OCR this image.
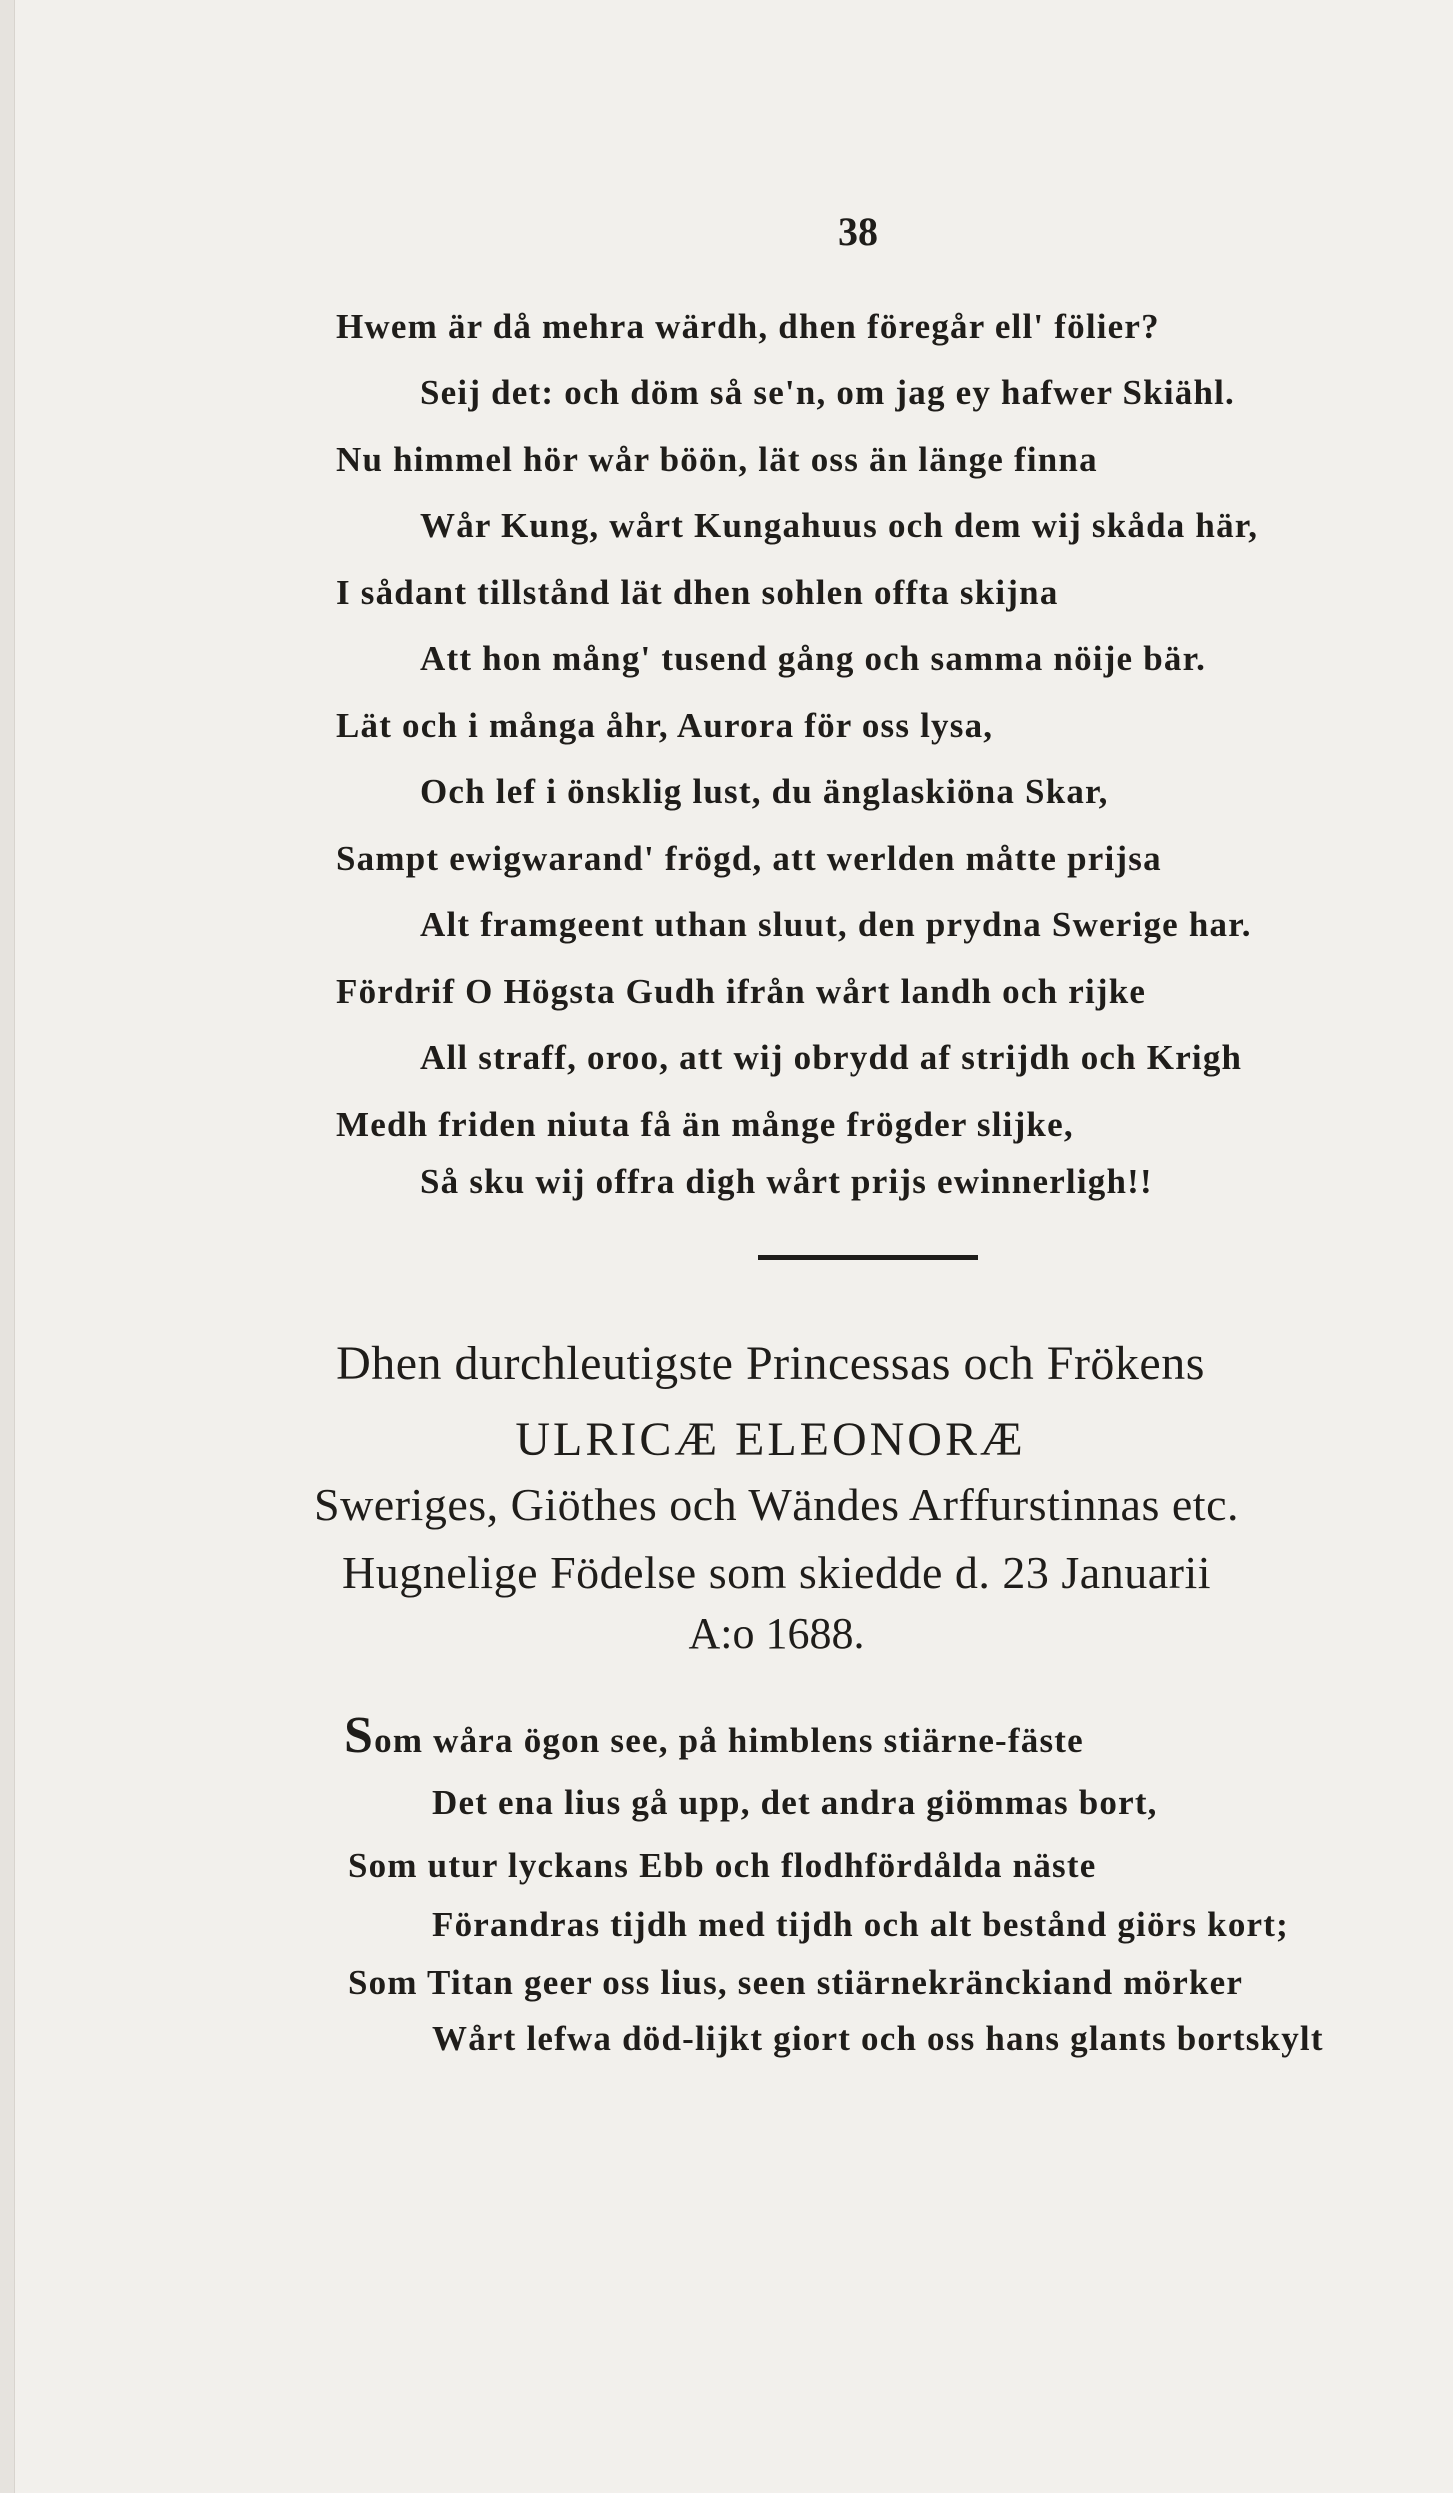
38
Hwem är då mehra wärdh, dhen föregår ell' fölier?
Seij det: och döm så se'n, om jag ey hafwer Skiähl.
Nu himmel hör wår böön, lät oss än länge finna
Wår Kung, wårt Kungahuus och dem wij skåda här,
I sådant tillstånd lät dhen sohlen offta skijna
Att hon mång' tusend gång och samma nöije bär.
Lät och i många åhr, Aurora för oss lysa,
Och lef i önsklig lust, du änglaskiöna Skar,
Sampt ewigwarand' frögd, att werlden måtte prijsa
Alt framgeent uthan sluut, den prydna Swerige har.
Fördrif O Högsta Gudh ifrån wårt landh och rijke
All straff, oroo, att wij obrydd af strijdh och Krigh
Medh friden niuta få än månge frögder slijke,
Så sku wij offra digh wårt prijs ewinnerligh!!
Dhen durchleutigste Princessas och Frökens
ULRICÆ ELEONORÆ
Sweriges, Giöthes och Wändes Arffurstinnas etc.
Hugnelige Födelse som skiedde d. 23 Januarii
A:o 1688.
Som wåra ögon see, på himblens stiärne-fäste
Det ena lius gå upp, det andra giömmas bort,
Som utur lyckans Ebb och flodhfördålda näste
Förandras tijdh med tijdh och alt bestånd giörs kort;
Som Titan geer oss lius, seen stiärnekränckiand mörker
Wårt lefwa död-lijkt giort och oss hans glants bortskylt
